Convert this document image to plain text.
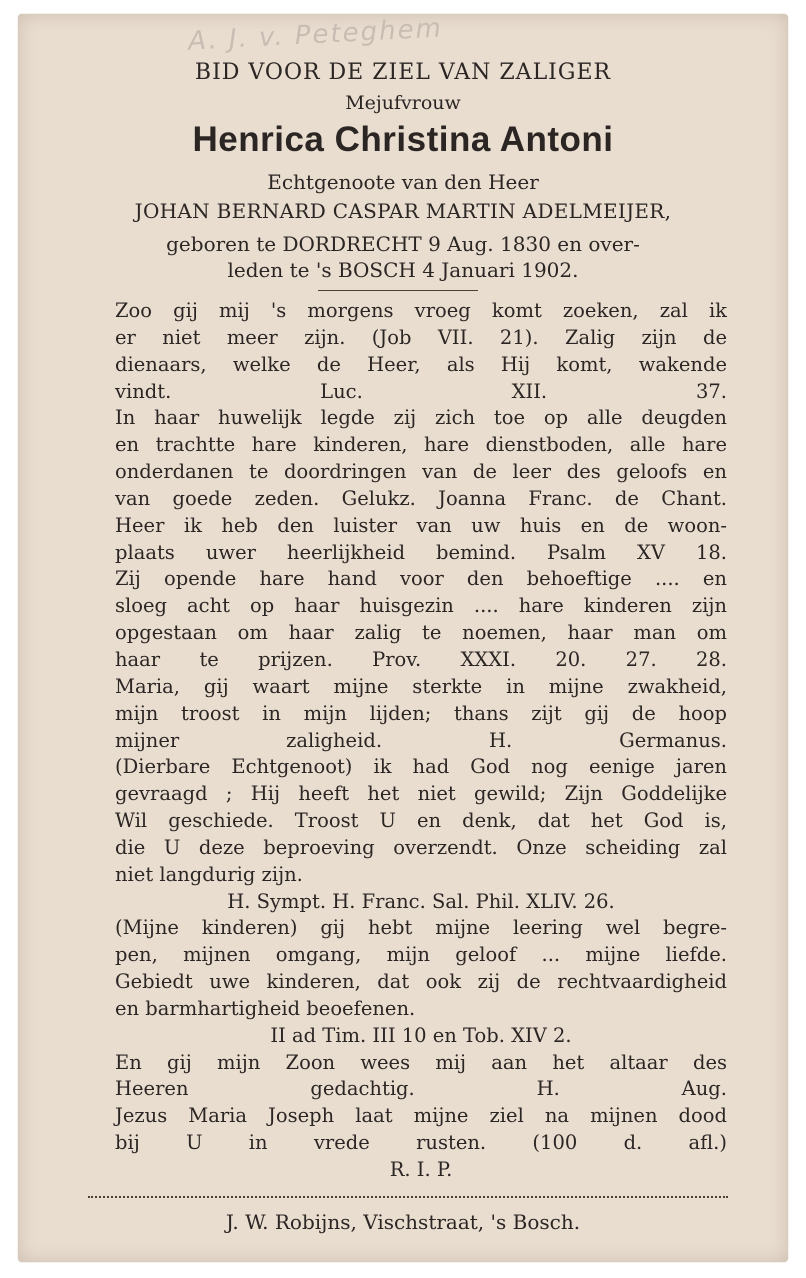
A. J. v. Peteghem
BID VOOR DE ZIEL VAN ZALIGER
Mejufvrouw
Henrica Christina Antoni
Echtgenoote van den Heer
JOHAN BERNARD CASPAR MARTIN ADELMEIJER,
geboren te DORDRECHT 9 Aug. 1830 en over-
leden te 's BOSCH 4 Januari 1902.
Zoo gij mij 's morgens vroeg komt zoeken, zal ik
er niet meer zijn. (Job VII. 21). Zalig zijn de
dienaars, welke de Heer, als Hij komt, wakende
vindt. Luc. XII. 37.
In haar huwelijk legde zij zich toe op alle deugden
en trachtte hare kinderen, hare dienstboden, alle hare
onderdanen te doordringen van de leer des geloofs en
van goede zeden. Gelukz. Joanna Franc. de Chant.
Heer ik heb den luister van uw huis en de woon-
plaats uwer heerlijkheid bemind. Psalm XV 18.
Zij opende hare hand voor den behoeftige .... en
sloeg acht op haar huisgezin .... hare kinderen zijn
opgestaan om haar zalig te noemen, haar man om
haar te prijzen. Prov. XXXI. 20. 27. 28.
Maria, gij waart mijne sterkte in mijne zwakheid,
mijn troost in mijn lijden; thans zijt gij de hoop
mijner zaligheid. H. Germanus.
(Dierbare Echtgenoot) ik had God nog eenige jaren
gevraagd ; Hij heeft het niet gewild; Zijn Goddelijke
Wil geschiede. Troost U en denk, dat het God is,
die U deze beproeving overzendt. Onze scheiding zal
niet langdurig zijn.
H. Sympt. H. Franc. Sal. Phil. XLIV. 26.
(Mijne kinderen) gij hebt mijne leering wel begre-
pen, mijnen omgang, mijn geloof ... mijne liefde.
Gebiedt uwe kinderen, dat ook zij de rechtvaardigheid
en barmhartigheid beoefenen.
II ad Tim. III 10 en Tob. XIV 2.
En gij mijn Zoon wees mij aan het altaar des
Heeren gedachtig. H. Aug.
Jezus Maria Joseph laat mijne ziel na mijnen dood
bij U in vrede rusten. (100 d. afl.)
R. I. P.
J. W. Robijns, Vischstraat, 's Bosch.
